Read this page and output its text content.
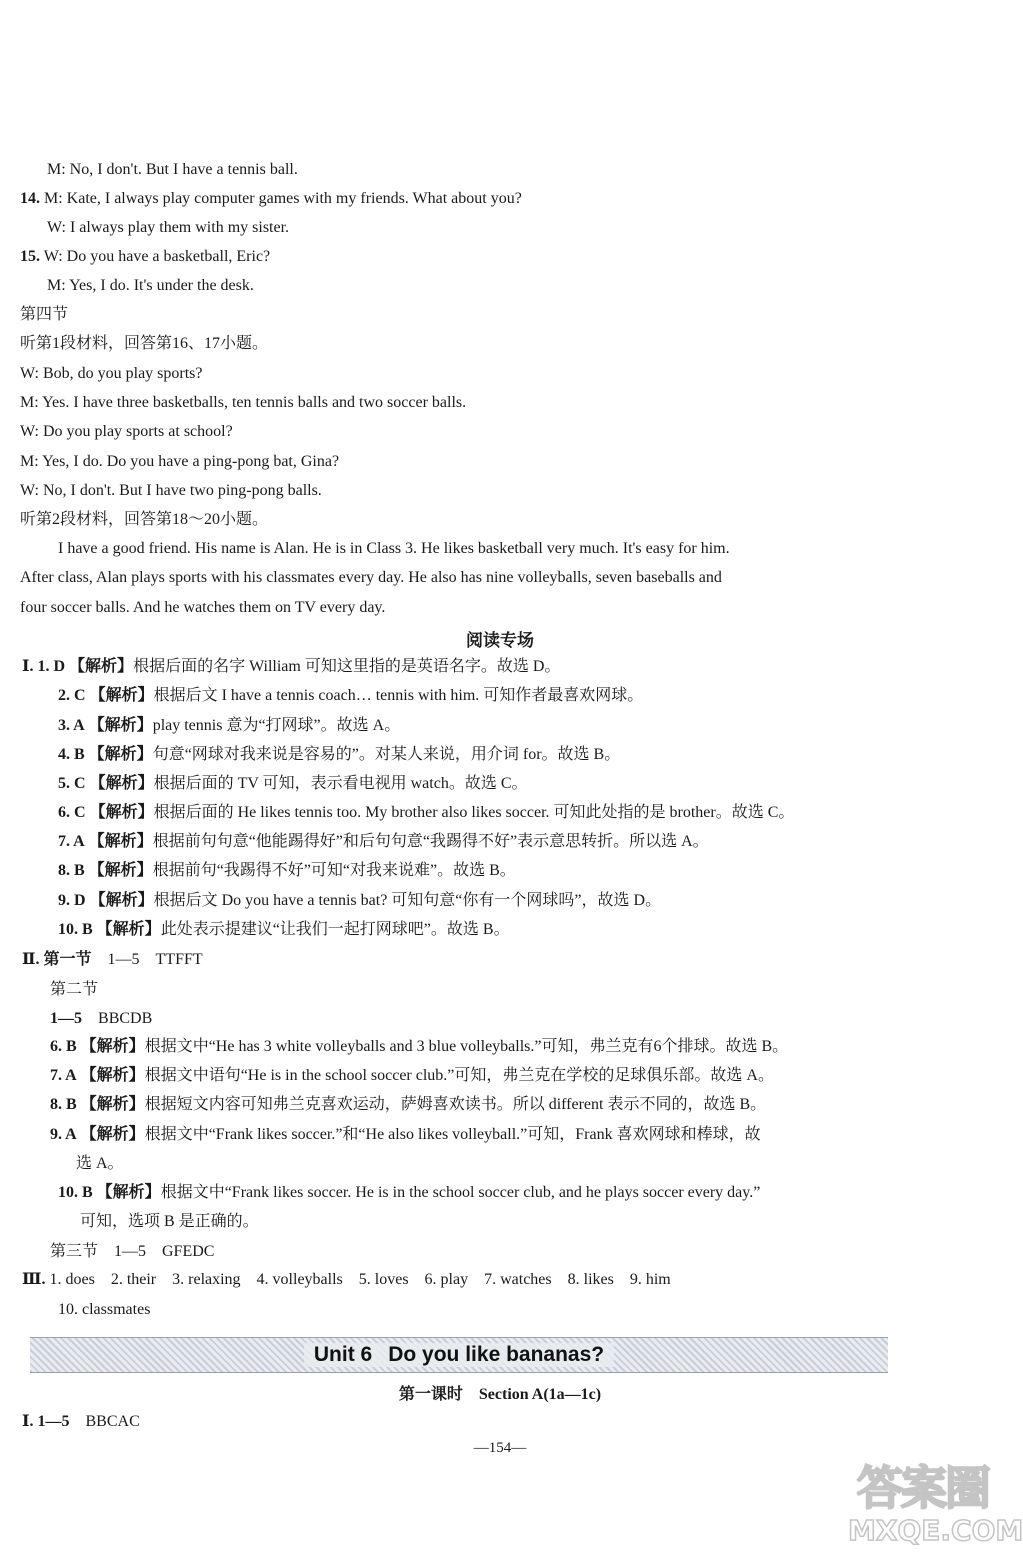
M: No, I don't. But I have a tennis ball.
14. M: Kate, I always play computer games with my friends. What about you?
W: I always play them with my sister.
15. W: Do you have a basketball, Eric?
M: Yes, I do. It's under the desk.
第四节
听第1段材料，回答第16、17小题。
W: Bob, do you play sports?
M: Yes. I have three basketballs, ten tennis balls and two soccer balls.
W: Do you play sports at school?
M: Yes, I do. Do you have a ping-pong bat, Gina?
W: No, I don't. But I have two ping-pong balls.
听第2段材料，回答第18～20小题。
I have a good friend. His name is Alan. He is in Class 3. He likes basketball very much. It's easy for him.
After class, Alan plays sports with his classmates every day. He also has nine volleyballs, seven baseballs and
four soccer balls. And he watches them on TV every day.
阅读专场
Ⅰ. 1. D 【解析】根据后面的名字 William 可知这里指的是英语名字。故选 D。
2. C 【解析】根据后文 I have a tennis coach… tennis with him. 可知作者最喜欢网球。
3. A 【解析】play tennis 意为“打网球”。故选 A。
4. B 【解析】句意“网球对我来说是容易的”。对某人来说，用介词 for。故选 B。
5. C 【解析】根据后面的 TV 可知，表示看电视用 watch。故选 C。
6. C 【解析】根据后面的 He likes tennis too. My brother also likes soccer. 可知此处指的是 brother。故选 C。
7. A 【解析】根据前句句意“他能踢得好”和后句句意“我踢得不好”表示意思转折。所以选 A。
8. B 【解析】根据前句“我踢得不好”可知“对我来说难”。故选 B。
9. D 【解析】根据后文 Do you have a tennis bat? 可知句意“你有一个网球吗”，故选 D。
10. B 【解析】此处表示提建议“让我们一起打网球吧”。故选 B。
Ⅱ. 第一节　 1—5　TTFFT
第二节
1—5　 BBCDB
6. B 【解析】根据文中“He has 3 white volleyballs and 3 blue volleyballs.”可知，弗兰克有6个排球。故选 B。
7. A 【解析】根据文中语句“He is in the school soccer club.”可知，弗兰克在学校的足球俱乐部。故选 A。
8. B 【解析】根据短文内容可知弗兰克喜欢运动，萨姆喜欢读书。所以 different 表示不同的，故选 B。
9. A 【解析】根据文中“Frank likes soccer.”和“He also likes volleyball.”可知，Frank 喜欢网球和棒球，故
选 A。
10. B 【解析】根据文中“Frank likes soccer. He is in the school soccer club, and he plays soccer every day.”
可知，选项 B 是正确的。
第三节　1—5　GFEDC
Ⅲ. 1. does　2. their　3. relaxing　4. volleyballs　5. loves　6. play　7. watches　8. likes　9. him
10. classmates
Unit 6 Do you like bananas?
第一课时　Section A(1a—1c)
Ⅰ. 1—5　 BBCAC
—154—
答案圈
MXQE.COM
